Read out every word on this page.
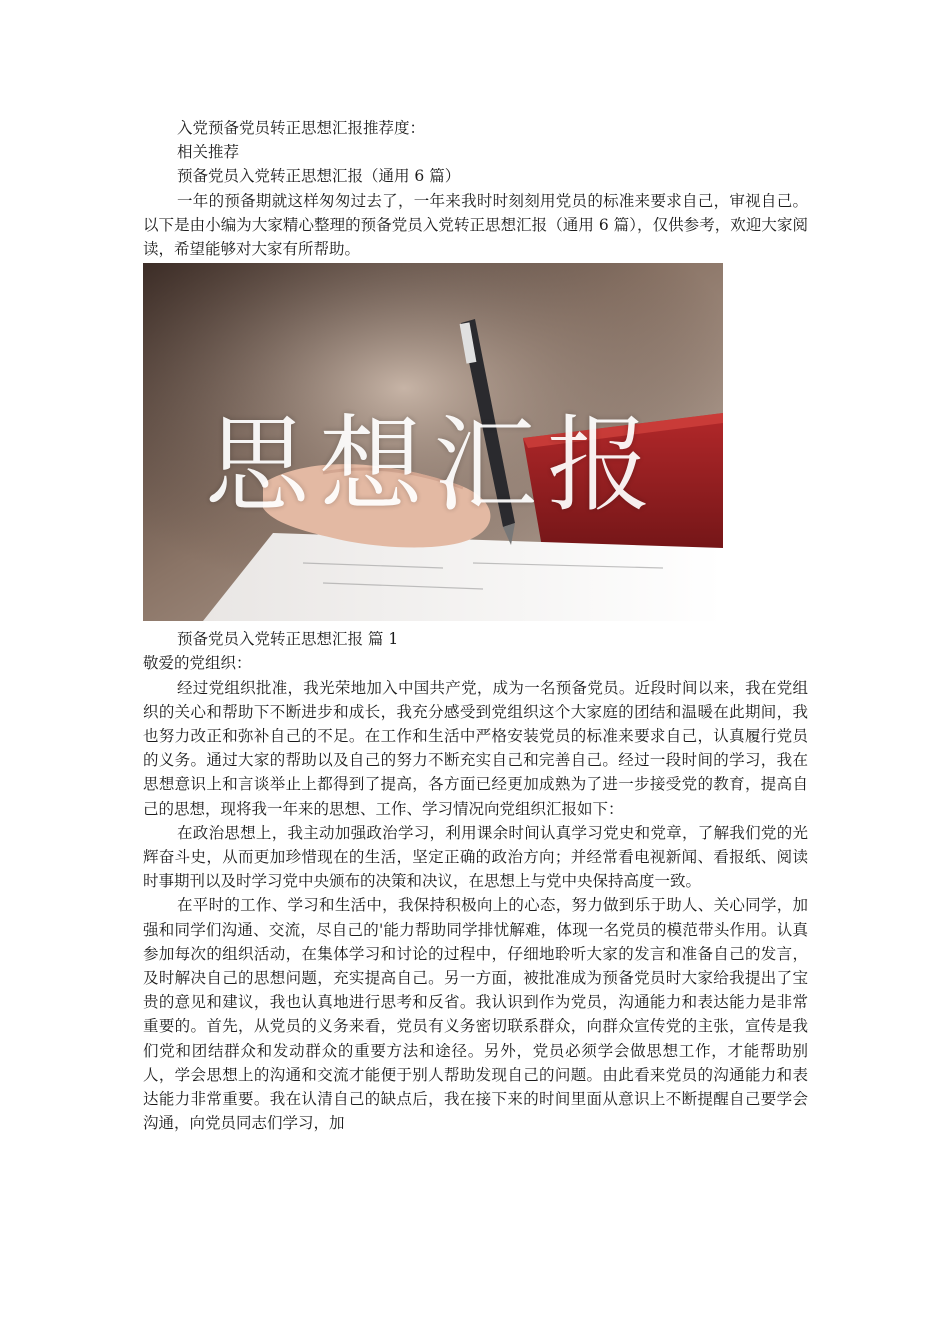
入党预备党员转正思想汇报推荐度：

相关推荐

预备党员入党转正思想汇报（通用 6 篇）

一年的预备期就这样匆匆过去了，一年来我时时刻刻用党员的标准来要求自己，审视自己。以下是由小编为大家精心整理的预备党员入党转正思想汇报（通用 6 篇），仅供参考，欢迎大家阅读，希望能够对大家有所帮助。

思想汇报

预备党员入党转正思想汇报 篇 1

敬爱的党组织：

经过党组织批准，我光荣地加入中国共产党，成为一名预备党员。近段时间以来，我在党组织的关心和帮助下不断进步和成长，我充分感受到党组织这个大家庭的团结和温暖在此期间，我也努力改正和弥补自己的不足。在工作和生活中严格安装党员的标准来要求自己，认真履行党员的义务。通过大家的帮助以及自己的努力不断充实自己和完善自己。经过一段时间的学习，我在思想意识上和言谈举止上都得到了提高，各方面已经更加成熟为了进一步接受党的教育，提高自己的思想，现将我一年来的思想、工作、学习情况向党组织汇报如下：

在政治思想上，我主动加强政治学习，利用课余时间认真学习党史和党章，了解我们党的光辉奋斗史，从而更加珍惜现在的生活，坚定正确的政治方向；并经常看电视新闻、看报纸、阅读时事期刊以及时学习党中央颁布的决策和决议，在思想上与党中央保持高度一致。

在平时的工作、学习和生活中，我保持积极向上的心态，努力做到乐于助人、关心同学，加强和同学们沟通、交流，尽自己的'能力帮助同学排忧解难，体现一名党员的模范带头作用。认真参加每次的组织活动，在集体学习和讨论的过程中，仔细地聆听大家的发言和准备自己的发言，及时解决自己的思想问题，充实提高自己。另一方面，被批准成为预备党员时大家给我提出了宝贵的意见和建议，我也认真地进行思考和反省。我认识到作为党员，沟通能力和表达能力是非常重要的。首先，从党员的义务来看，党员有义务密切联系群众，向群众宣传党的主张，宣传是我们党和团结群众和发动群众的重要方法和途径。另外，党员必须学会做思想工作，才能帮助别人，学会思想上的沟通和交流才能便于别人帮助发现自己的问题。由此看来党员的沟通能力和表达能力非常重要。我在认清自己的缺点后，我在接下来的时间里面从意识上不断提醒自己要学会沟通，向党员同志们学习，加
